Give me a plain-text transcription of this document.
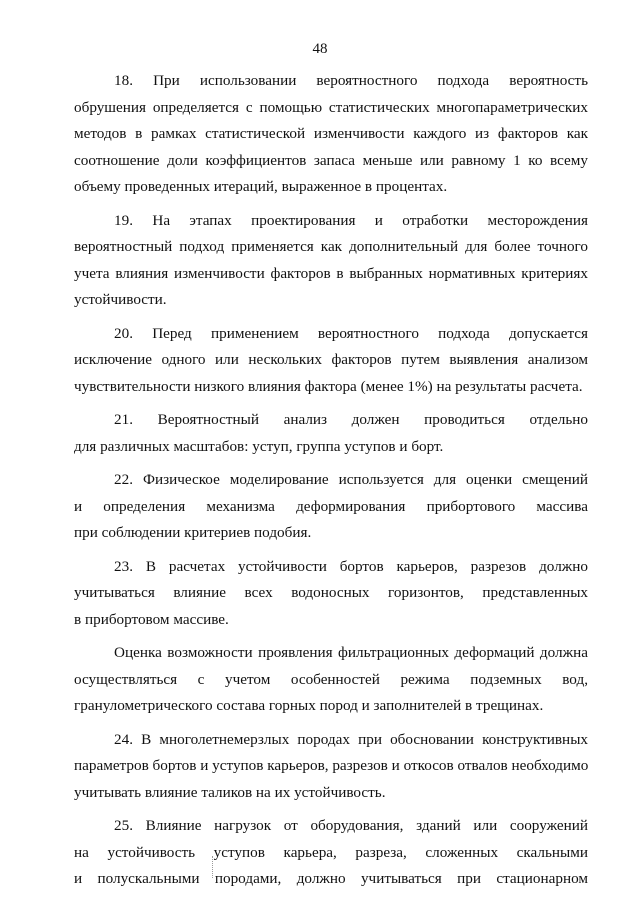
48
18. При использовании вероятностного подхода вероятность
обрушения определяется с помощью статистических многопараметрических
методов в рамках статистической изменчивости каждого из факторов как
соотношение доли коэффициентов запаса меньше или равному 1 ко всему
объему проведенных итераций, выраженное в процентах.
19. На этапах проектирования и отработки месторождения
вероятностный подход применяется как дополнительный для более точного
учета влияния изменчивости факторов в выбранных нормативных критериях
устойчивости.
20. Перед применением вероятностного подхода допускается
исключение одного или нескольких факторов путем выявления анализом
чувствительности низкого влияния фактора (менее 1%) на результаты расчета.
21. Вероятностный анализ должен проводиться отдельно
для различных масштабов: уступ, группа уступов и борт.
22. Физическое моделирование используется для оценки смещений
и определения механизма деформирования прибортового массива
при соблюдении критериев подобия.
23. В расчетах устойчивости бортов карьеров, разрезов должно
учитываться влияние всех водоносных горизонтов, представленных
в прибортовом массиве.
Оценка возможности проявления фильтрационных деформаций должна
осуществляться с учетом особенностей режима подземных вод,
гранулометрического состава горных пород и заполнителей в трещинах.
24. В многолетнемерзлых породах при обосновании конструктивных
параметров бортов и уступов карьеров, разрезов и откосов отвалов необходимо
учитывать влияние таликов на их устойчивость.
25. Влияние нагрузок от оборудования, зданий или сооружений
на устойчивость уступов карьера, разреза, сложенных скальными
и полускальными породами, должно учитываться при стационарном
